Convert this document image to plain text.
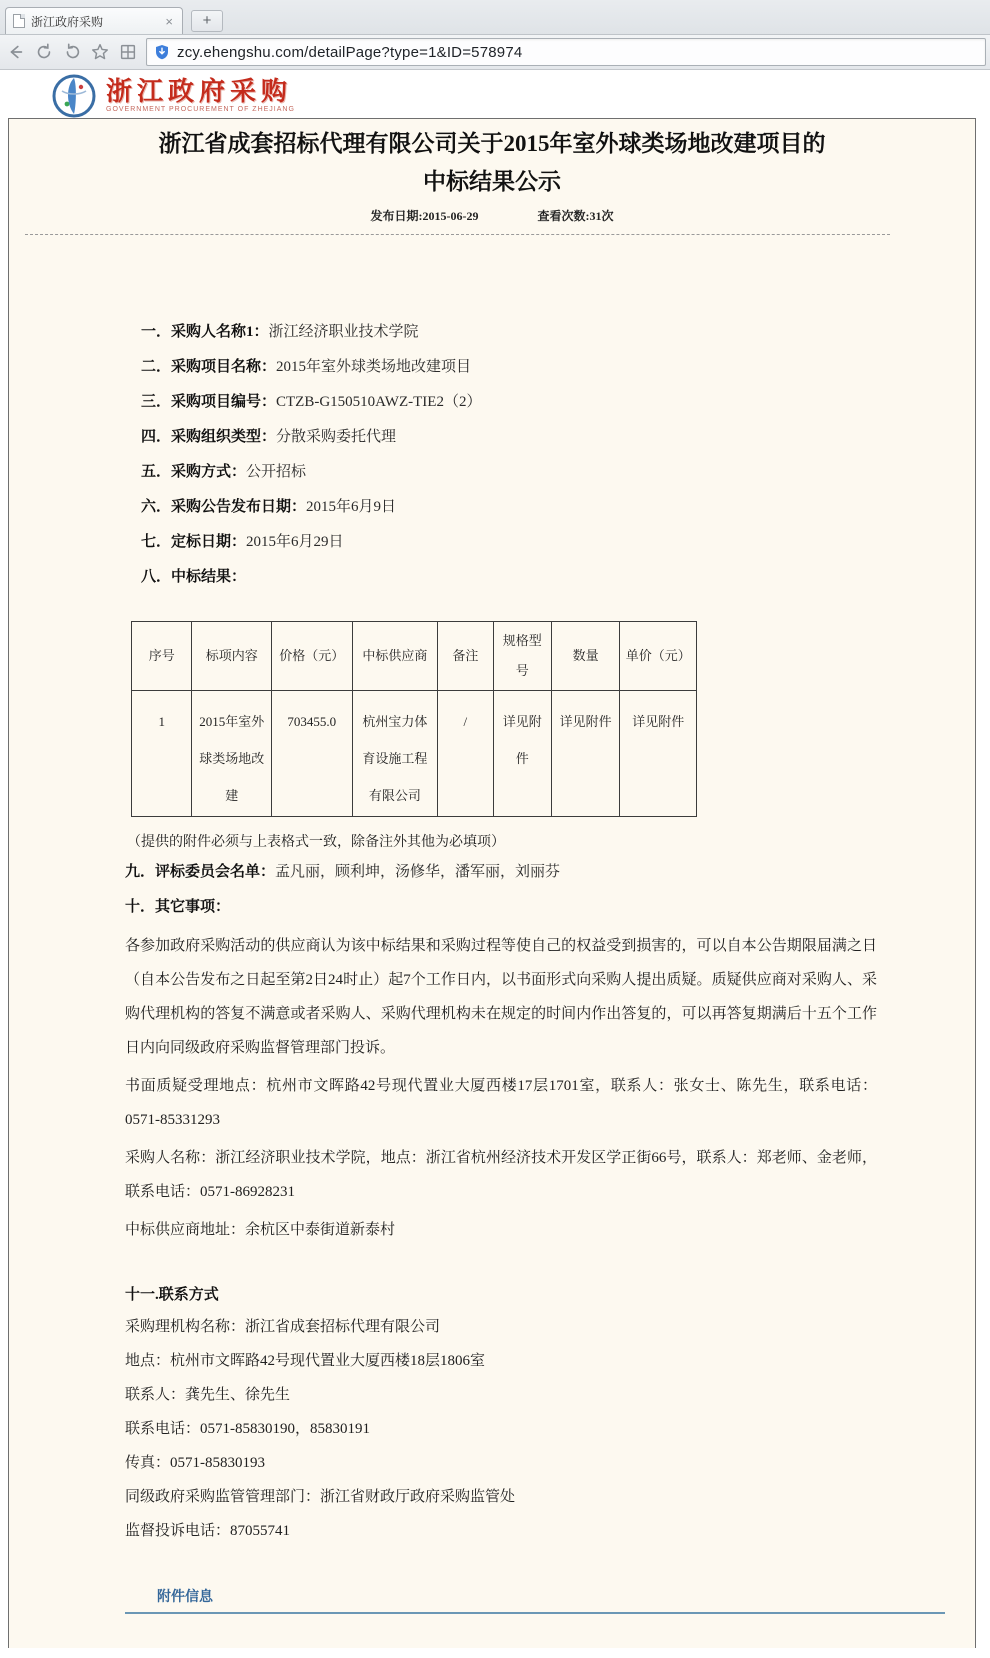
浙江政府采购	×	+
zcy.ehengshu.com/detailPage?type=1&ID=578974
浙江政府采购
GOVERNMENT PROCUREMENT OF ZHEJIANG
浙江省成套招标代理有限公司关于2015年室外球类场地改建项目的
中标结果公示
发布日期:2015-06-29	查看次数:31次
一．采购人名称1：浙江经济职业技术学院
二．采购项目名称：2015年室外球类场地改建项目
三．采购项目编号：CTZB-G150510AWZ-TIE2（2）
四．采购组织类型：分散采购委托代理
五．采购方式：公开招标
六．采购公告发布日期：2015年6月9日
七．定标日期：2015年6月29日
八．中标结果：
序号	标项内容	价格（元）	中标供应商	备注	规格型号	数量	单价（元）
1	2015年室外球类场地改建	703455.0	杭州宝力体育设施工程有限公司	/	详见附件	详见附件	详见附件
（提供的附件必须与上表格式一致，除备注外其他为必填项）
九．评标委员会名单：孟凡丽，顾利坤，汤修华，潘军丽，刘丽芬
十．其它事项：

各参加政府采购活动的供应商认为该中标结果和采购过程等使自己的权益受到损害的，可以自本公告期限届满之日（自本公告发布之日起至第2日24时止）起7个工作日内，以书面形式向采购人提出质疑。质疑供应商对采购人、采购代理机构的答复不满意或者采购人、采购代理机构未在规定的时间内作出答复的，可以再答复期满后十五个工作日内向同级政府采购监督管理部门投诉。

书面质疑受理地点：杭州市文晖路42号现代置业大厦西楼17层1701室，联系人：张女士、陈先生，联系电话：0571-85331293

采购人名称：浙江经济职业技术学院，地点：浙江省杭州经济技术开发区学正街66号，联系人：郑老师、金老师，联系电话：0571-86928231

中标供应商地址：余杭区中泰街道新泰村

十一.联系方式
采购理机构名称：浙江省成套招标代理有限公司
地点：杭州市文晖路42号现代置业大厦西楼18层1806室
联系人：龚先生、徐先生
联系电话：0571-85830190，85830191
传真：0571-85830193
同级政府采购监管管理部门：浙江省财政厅政府采购监管处
监督投诉电话：87055741
附件信息
